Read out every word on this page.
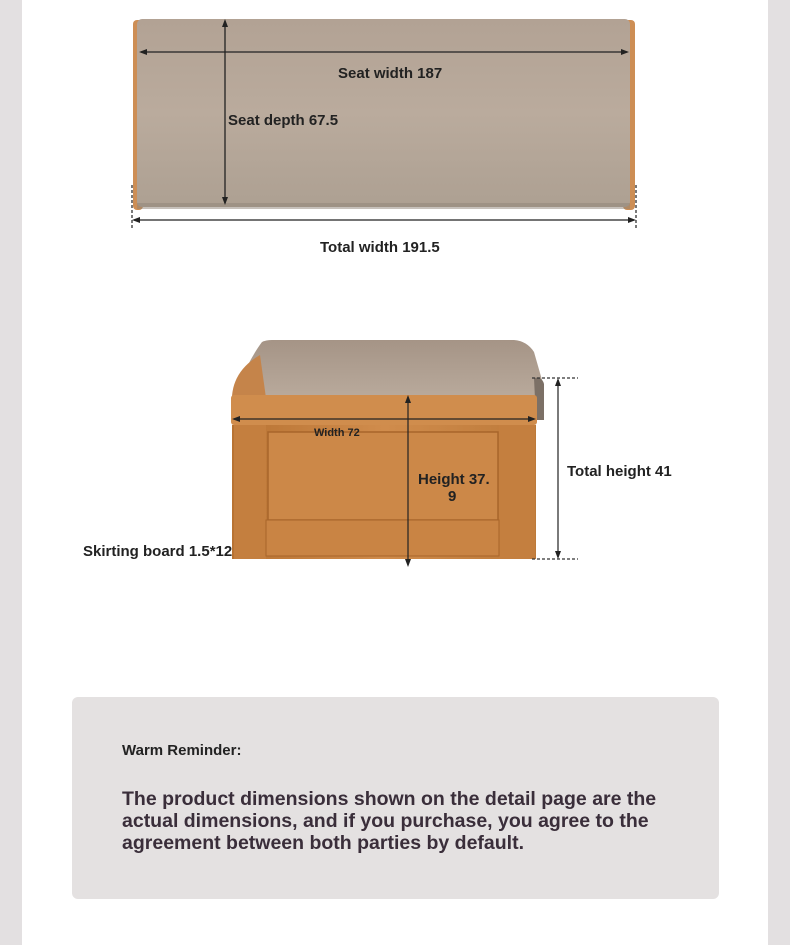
Seat width 187
Seat depth 67.5
Total width 191.5
Width 72
Height 37.
9
Total height 41
Skirting board 1.5*12
Warm Reminder:
The product dimensions shown on the detail page are the actual dimensions, and if you purchase, you agree to the agreement between both parties by default.
